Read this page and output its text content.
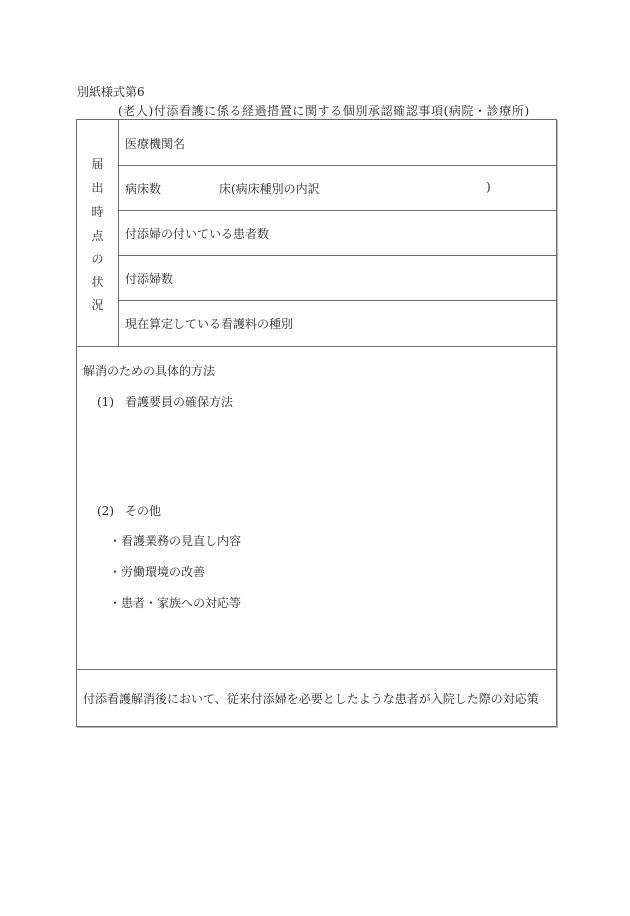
別紙様式第6
(老人)付添看護に係る経過措置に関する個別承認確認事項(病院・診療所)
届
出
時
点
の
状
況
医療機関名
病床数	床(病床種別の内訳	)
付添婦の付いている患者数
付添婦数
現在算定している看護料の種別
解消のための具体的方法
(1) 看護要員の確保方法
(2) その他
・看護業務の見直し内容
・労働環境の改善
・患者・家族への対応等
付添看護解消後において、従来付添婦を必要としたような患者が入院した際の対応策
